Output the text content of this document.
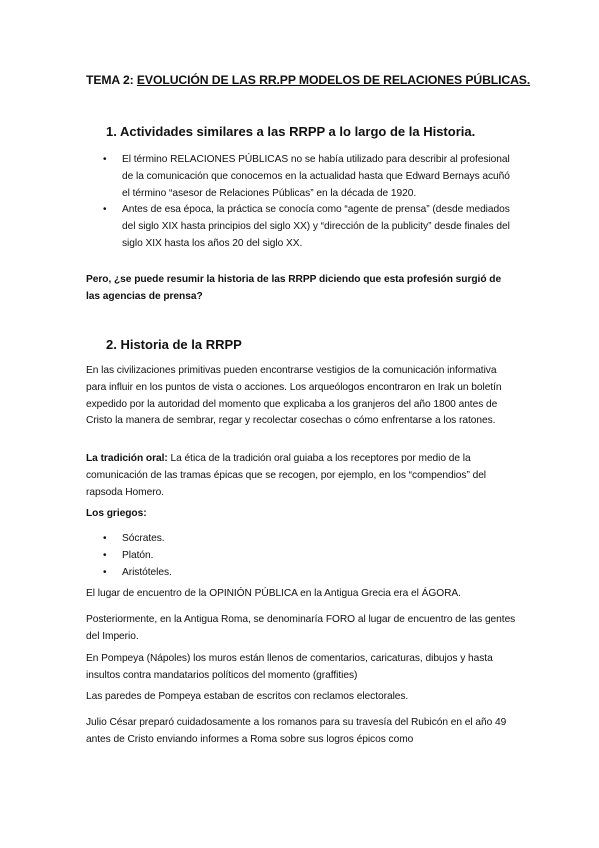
TEMA 2: EVOLUCIÓN DE LAS RR.PP MODELOS DE RELACIONES PÚBLICAS.
1. Actividades similares a las RRPP a lo largo de la Historia.
• El término RELACIONES PÚBLICAS no se había utilizado para describir al profesional de la comunicación que conocemos en la actualidad hasta que Edward Bernays acuñó el término “asesor de Relaciones Públicas” en la década de 1920.
• Antes de esa época, la práctica se conocía como “agente de prensa” (desde mediados del siglo XIX hasta principios del siglo XX) y “dirección de la publicity” desde finales del siglo XIX hasta los años 20 del siglo XX.

Pero, ¿se puede resumir la historia de las RRPP diciendo que esta profesión surgió de las agencias de prensa?

2. Historia de la RRPP

En las civilizaciones primitivas pueden encontrarse vestigios de la comunicación informativa para influir en los puntos de vista o acciones. Los arqueólogos encontraron en Irak un boletín expedido por la autoridad del momento que explicaba a los granjeros del año 1800 antes de Cristo la manera de sembrar, regar y recolectar cosechas o cómo enfrentarse a los ratones.

La tradición oral: La ética de la tradición oral guiaba a los receptores por medio de la comunicación de las tramas épicas que se recogen, por ejemplo, en los “compendios” del rapsoda Homero.

Los griegos:

• Sócrates.
• Platón.
• Aristóteles.

El lugar de encuentro de la OPINIÓN PÚBLICA en la Antigua Grecia era el ÁGORA.

Posteriormente, en la Antigua Roma, se denominaría FORO al lugar de encuentro de las gentes del Imperio.

En Pompeya (Nápoles) los muros están llenos de comentarios, caricaturas, dibujos y hasta insultos contra mandatarios políticos del momento (graffities)

Las paredes de Pompeya estaban de escritos con reclamos electorales.

Julio César preparó cuidadosamente a los romanos para su travesía del Rubicón en el año 49 antes de Cristo enviando informes a Roma sobre sus logros épicos como
